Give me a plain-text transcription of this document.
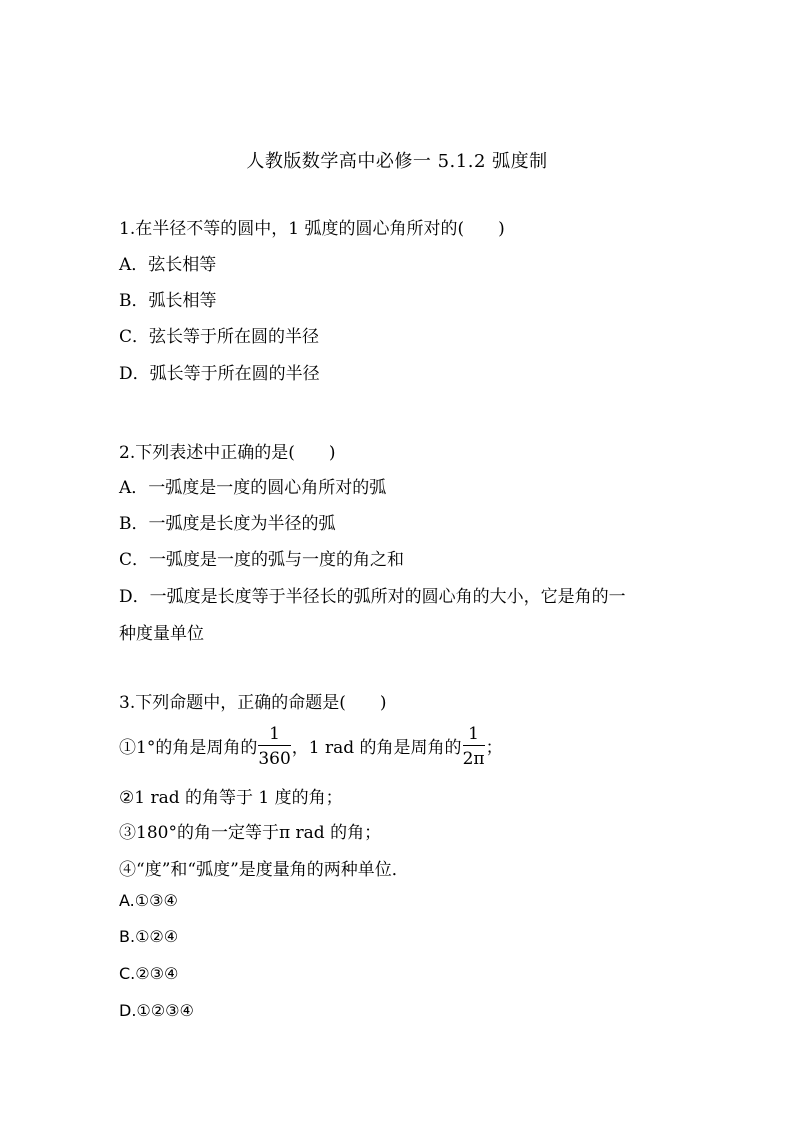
人教版数学高中必修一 5.1.2 弧度制
1.在半径不等的圆中，1 弧度的圆心角所对的(　　)
A．弦长相等
B．弧长相等
C．弦长等于所在圆的半径
D．弧长等于所在圆的半径
2.下列表述中正确的是(　　)
A．一弧度是一度的圆心角所对的弧
B．一弧度是长度为半径的弧
C．一弧度是一度的弧与一度的角之和
D．一弧度是长度等于半径长的弧所对的圆心角的大小，它是角的一
种度量单位
3.下列命题中，正确的命题是(　　)
①1°的角是周角的 $\frac{1}{360}$ ，1 rad 的角是周角的 $\frac{1}{2\pi}$ ；
②1 rad 的角等于 1 度的角；
③180°的角一定等于π rad 的角；
④“度”和“弧度”是度量角的两种单位．
A.①③④
B.①②④
C.②③④
D.①②③④
